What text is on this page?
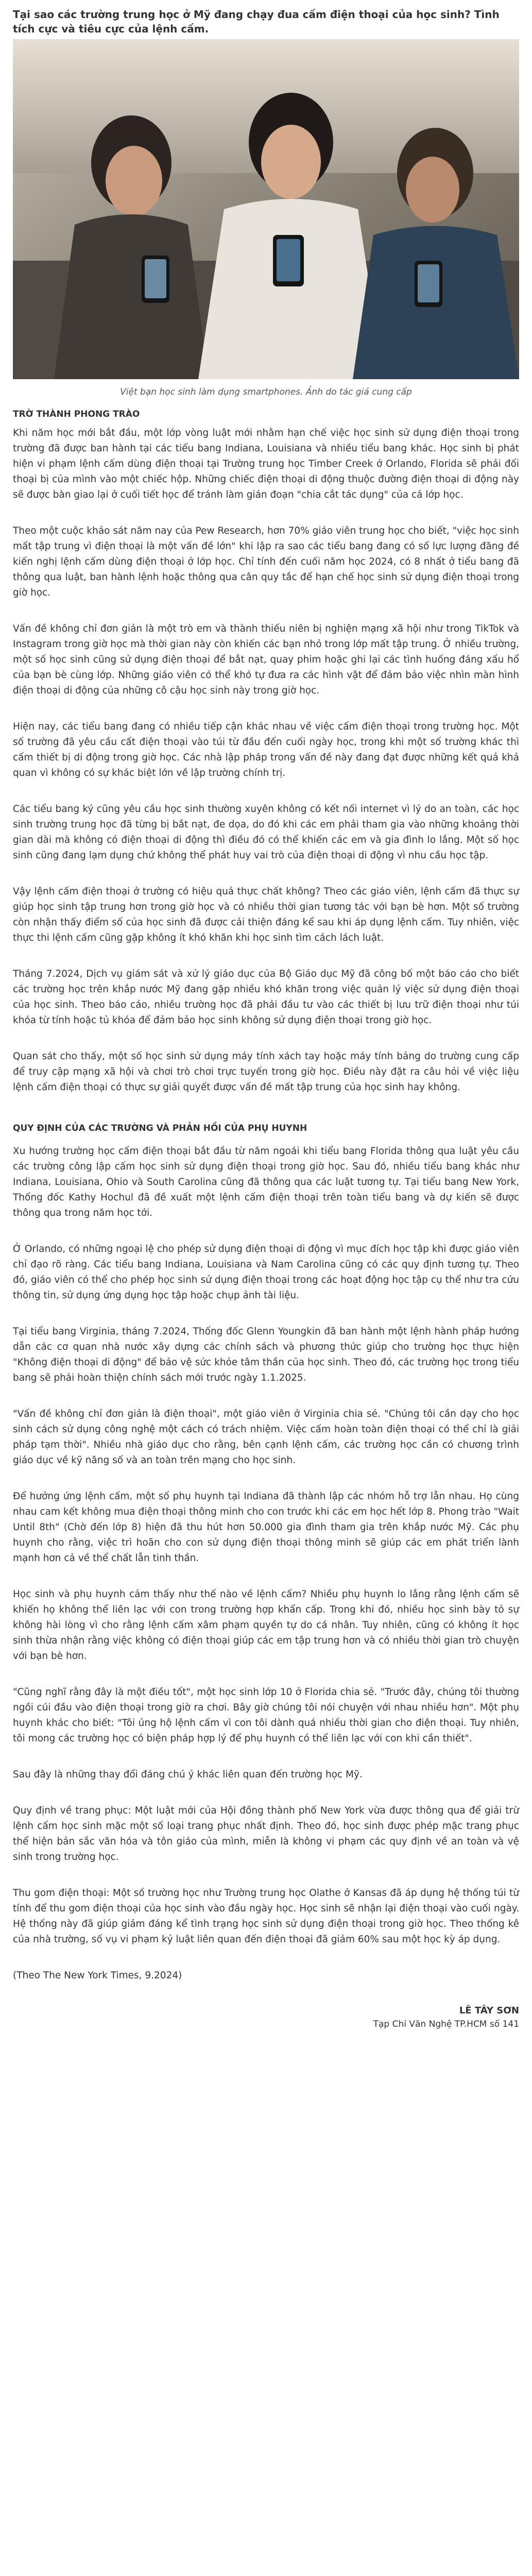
Tại sao các trường trung học ở Mỹ đang chạy đua cấm điện thoại của học sinh? Tình tích cực và tiêu cực của lệnh cấm.
Việt bạn học sinh làm dụng smartphones. Ảnh do tác giả cung cấp
TRỜ THÀNH PHONG TRÀO
Khi năm học mới bắt đầu, một lớp vòng luật mới nhằm hạn chế việc học sinh sử dụng điện thoại trong trường đã được ban hành tại các tiểu bang Indiana, Louisiana và nhiều tiểu bang khác. Học sinh bị phát hiện vi phạm lệnh cấm dùng điện thoại tại Trường trung học Timber Creek ở Orlando, Florida sẽ phải đối thoại bị của mình vào một chiếc hộp. Những chiếc điện thoại di động thuộc đường điện thoại di động này sẽ được bàn giao lại ở cuối tiết học để tránh làm gián đoạn "chia cắt tác dụng" của cả lớp học.
Theo một cuộc khảo sát năm nay của Pew Research, hơn 70% giáo viên trung học cho biết, "việc học sinh mất tập trung vì điện thoại là một vấn đề lớn" khi lập ra sao các tiểu bang đang có số lực lượng đăng đề kiến nghị lệnh cấm dùng điện thoại ở lớp học. Chỉ tính đến cuối năm học 2024, có 8 nhất ở tiểu bang đã thông qua luật, ban hành lệnh hoặc thông qua cân quy tắc để hạn chế học sinh sử dụng điện thoại trong giờ học.
Vấn đề không chỉ đơn giản là một trò em và thành thiếu niên bị nghiện mạng xã hội như trong TikTok và Instagram trong giờ học mà thời gian này còn khiến các bạn nhỏ trong lớp mất tập trung. Ở nhiều trường, một số học sinh cũng sử dụng điện thoại để bắt nạt, quay phim hoặc ghi lại các tình huống đáng xấu hổ của bạn bè cùng lớp. Những giáo viên có thể khó tự đưa ra các hình vật để đảm bảo việc nhìn màn hình điện thoại di động của những cô cậu học sinh này trong giờ học.
Hiện nay, các tiểu bang đang có nhiều tiếp cận khác nhau về việc cấm điện thoại trong trường học. Một số trường đã yêu cầu cất điện thoại vào túi từ đầu đến cuối ngày học, trong khi một số trường khác thì cấm thiết bị di động trong giờ học. Các nhà lập pháp trong vấn đề này đang đạt được những kết quả khả quan vì không có sự khác biệt lớn về lập trường chính trị.
Các tiểu bang ký cũng yêu cầu học sinh thường xuyên không có kết nối internet vì lý do an toàn, các học sinh trường trung học đã từng bị bắt nạt, đe dọa, do đó khi các em phải tham gia vào những khoảng thời gian dài mà không có điện thoại di động thì điều đó có thể khiến các em và gia đình lo lắng. Một số học sinh cũng đang lạm dụng chứ không thể phát huy vai trò của điện thoại di động vì nhu cầu học tập.
Vậy lệnh cấm điện thoại ở trường có hiệu quả thực chất không? Theo các giáo viên, lệnh cấm đã thực sự giúp học sinh tập trung hơn trong giờ học và có nhiều thời gian tương tác với bạn bè hơn. Một số trường còn nhận thấy điểm số của học sinh đã được cải thiện đáng kể sau khi áp dụng lệnh cấm. Tuy nhiên, việc thực thi lệnh cấm cũng gặp không ít khó khăn khi học sinh tìm cách lách luật.
Tháng 7.2024, Dịch vụ giám sát và xử lý giáo dục của Bộ Giáo dục Mỹ đã công bố một báo cáo cho biết các trường học trên khắp nước Mỹ đang gặp nhiều khó khăn trong việc quản lý việc sử dụng điện thoại của học sinh. Theo báo cáo, nhiều trường học đã phải đầu tư vào các thiết bị lưu trữ điện thoại như túi khóa từ tính hoặc tủ khóa để đảm bảo học sinh không sử dụng điện thoại trong giờ học.
Quan sát cho thấy, một số học sinh sử dụng máy tính xách tay hoặc máy tính bảng do trường cung cấp để truy cập mạng xã hội và chơi trò chơi trực tuyến trong giờ học. Điều này đặt ra câu hỏi về việc liệu lệnh cấm điện thoại có thực sự giải quyết được vấn đề mất tập trung của học sinh hay không.
QUY ĐỊNH CỦA CÁC TRƯỜNG VÀ PHẢN HỒI CỦA PHỤ HUYNH
Xu hướng trường học cấm điện thoại bắt đầu từ năm ngoái khi tiểu bang Florida thông qua luật yêu cầu các trường công lập cấm học sinh sử dụng điện thoại trong giờ học. Sau đó, nhiều tiểu bang khác như Indiana, Louisiana, Ohio và South Carolina cũng đã thông qua các luật tương tự. Tại tiểu bang New York, Thống đốc Kathy Hochul đã đề xuất một lệnh cấm điện thoại trên toàn tiểu bang và dự kiến sẽ được thông qua trong năm học tới.
Ở Orlando, có những ngoại lệ cho phép sử dụng điện thoại di động vì mục đích học tập khi được giáo viên chỉ đạo rõ ràng. Các tiểu bang Indiana, Louisiana và Nam Carolina cũng có các quy định tương tự. Theo đó, giáo viên có thể cho phép học sinh sử dụng điện thoại trong các hoạt động học tập cụ thể như tra cứu thông tin, sử dụng ứng dụng học tập hoặc chụp ảnh tài liệu.
Tại tiểu bang Virginia, tháng 7.2024, Thống đốc Glenn Youngkin đã ban hành một lệnh hành pháp hướng dẫn các cơ quan nhà nước xây dựng các chính sách và phương thức giúp cho trường học thực hiện "Không điện thoại di động" để bảo vệ sức khỏe tâm thần của học sinh. Theo đó, các trường học trong tiểu bang sẽ phải hoàn thiện chính sách mới trước ngày 1.1.2025.
"Vấn đề không chỉ đơn giản là điện thoại", một giáo viên ở Virginia chia sẻ. "Chúng tôi cần dạy cho học sinh cách sử dụng công nghệ một cách có trách nhiệm. Việc cấm hoàn toàn điện thoại có thể chỉ là giải pháp tạm thời". Nhiều nhà giáo dục cho rằng, bên cạnh lệnh cấm, các trường học cần có chương trình giáo dục về kỹ năng số và an toàn trên mạng cho học sinh.
Để hưởng ứng lệnh cấm, một số phụ huynh tại Indiana đã thành lập các nhóm hỗ trợ lẫn nhau. Họ cùng nhau cam kết không mua điện thoại thông minh cho con trước khi các em học hết lớp 8. Phong trào "Wait Until 8th" (Chờ đến lớp 8) hiện đã thu hút hơn 50.000 gia đình tham gia trên khắp nước Mỹ. Các phụ huynh cho rằng, việc trì hoãn cho con sử dụng điện thoại thông minh sẽ giúp các em phát triển lành mạnh hơn cả về thể chất lẫn tinh thần.
Học sinh và phụ huynh cảm thấy như thế nào về lệnh cấm? Nhiều phụ huynh lo lắng rằng lệnh cấm sẽ khiến họ không thể liên lạc với con trong trường hợp khẩn cấp. Trong khi đó, nhiều học sinh bày tỏ sự không hài lòng vì cho rằng lệnh cấm xâm phạm quyền tự do cá nhân. Tuy nhiên, cũng có không ít học sinh thừa nhận rằng việc không có điện thoại giúp các em tập trung hơn và có nhiều thời gian trò chuyện với bạn bè hơn.
"Cũng nghĩ rằng đây là một điều tốt", một học sinh lớp 10 ở Florida chia sẻ. "Trước đây, chúng tôi thường ngồi cúi đầu vào điện thoại trong giờ ra chơi. Bây giờ chúng tôi nói chuyện với nhau nhiều hơn". Một phụ huynh khác cho biết: "Tôi ủng hộ lệnh cấm vì con tôi dành quá nhiều thời gian cho điện thoại. Tuy nhiên, tôi mong các trường học có biện pháp hợp lý để phụ huynh có thể liên lạc với con khi cần thiết".
Sau đây là những thay đổi đáng chú ý khác liên quan đến trường học Mỹ.
Quy định về trang phục: Một luật mới của Hội đồng thành phố New York vừa được thông qua để giải trừ lệnh cấm học sinh mặc một số loại trang phục nhất định. Theo đó, học sinh được phép mặc trang phục thể hiện bản sắc văn hóa và tôn giáo của mình, miễn là không vi phạm các quy định về an toàn và vệ sinh trong trường học.
Thu gom điện thoại: Một số trường học như Trường trung học Olathe ở Kansas đã áp dụng hệ thống túi từ tính để thu gom điện thoại của học sinh vào đầu ngày học. Học sinh sẽ nhận lại điện thoại vào cuối ngày. Hệ thống này đã giúp giảm đáng kể tình trạng học sinh sử dụng điện thoại trong giờ học. Theo thống kê của nhà trường, số vụ vi phạm kỷ luật liên quan đến điện thoại đã giảm 60% sau một học kỳ áp dụng.
(Theo The New York Times, 9.2024)
LÊ TÂY SƠN
Tạp Chí Văn Nghệ TP.HCM số 141
